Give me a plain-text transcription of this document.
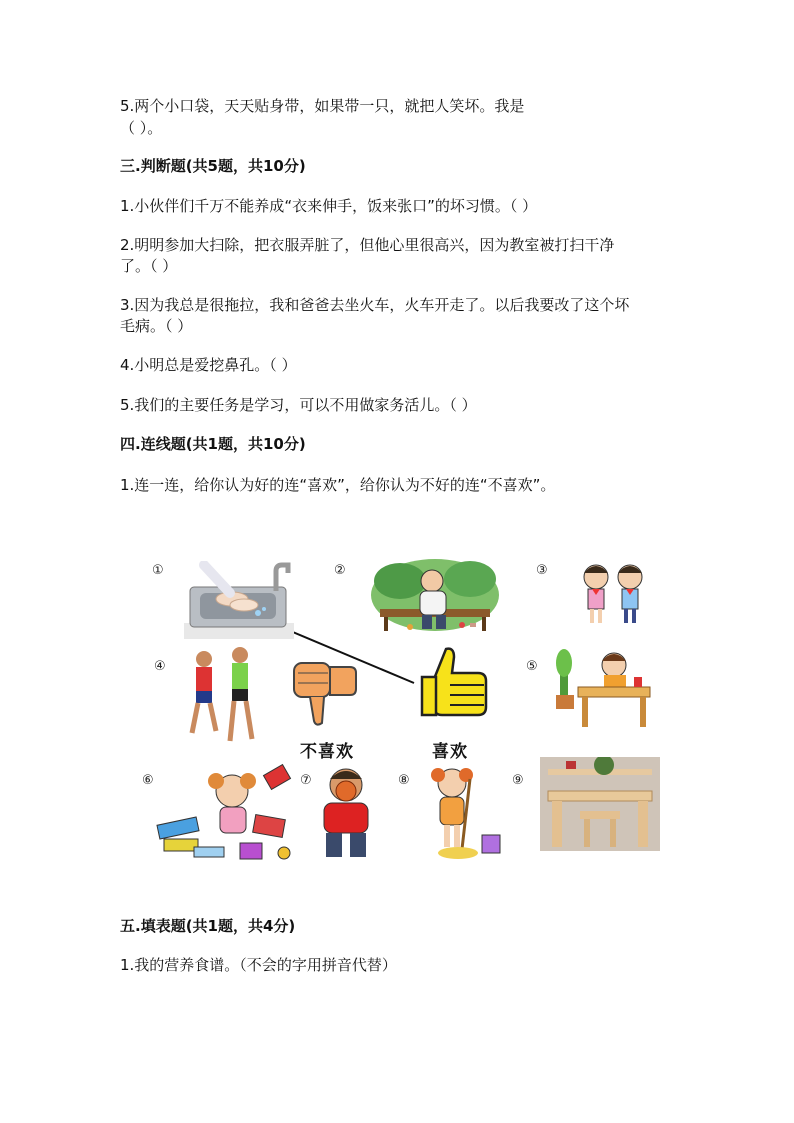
5.两个小口袋，天天贴身带，如果带一只，就把人笑坏。我是
（ ）。
三.判断题(共5题，共10分)
1.小伙伴们千万不能养成“衣来伸手，饭来张口”的坏习惯。（ ）
2.明明参加大扫除，把衣服弄脏了，但他心里很高兴，因为教室被打扫干净
了。（ ）
3.因为我总是很拖拉，我和爸爸去坐火车，火车开走了。以后我要改了这个坏
毛病。（ ）
4.小明总是爱挖鼻孔。（ ）
5.我们的主要任务是学习，可以不用做家务活儿。（ ）
四.连线题(共1题，共10分)
1.连一连，给你认为好的连“喜欢”，给你认为不好的连“不喜欢”。
①	②	③
④	⑤
⑥	⑦	⑧	⑨
不喜欢	喜欢
五.填表题(共1题，共4分)
1.我的营养食谱。（不会的字用拼音代替）
